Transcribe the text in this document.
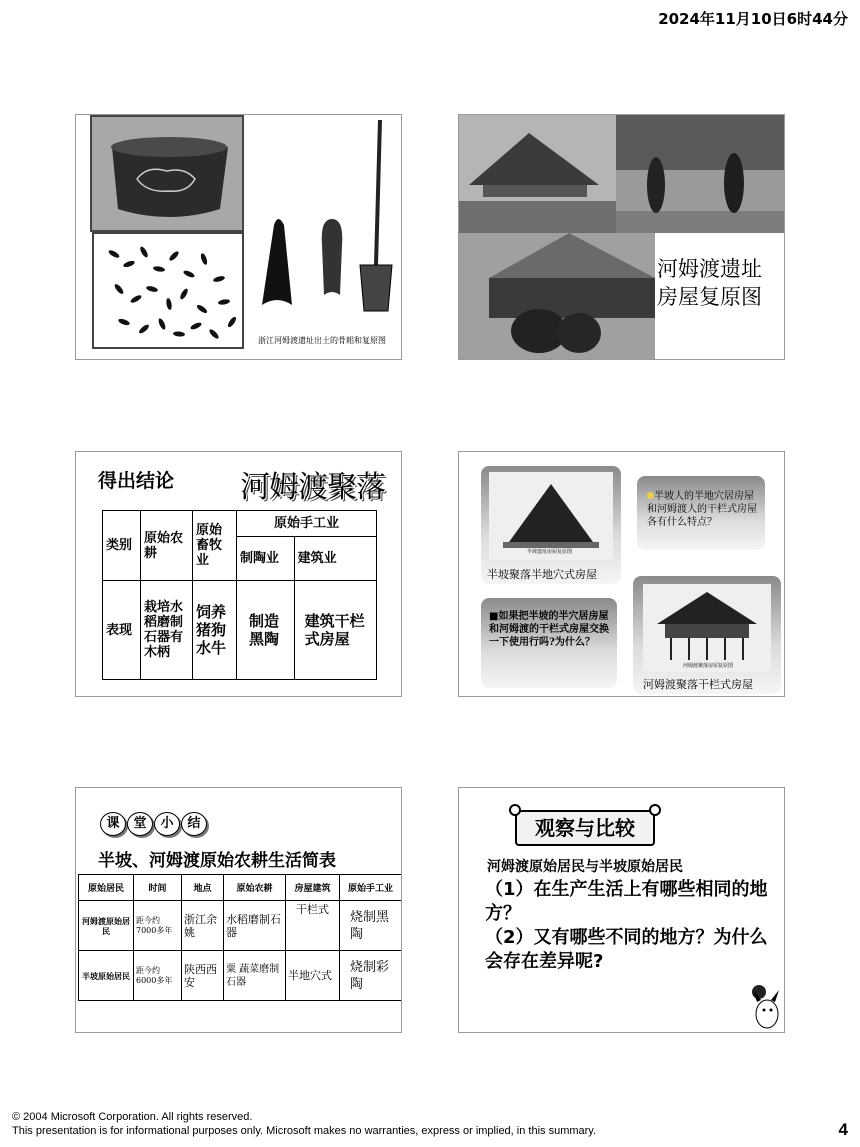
2024年11月10日6时44分
浙江河姆渡遗址出土的骨耜和复原图
河姆渡遗址
房屋复原图
得出结论 河姆渡聚落
类别	原始农耕	原始畜牧业	原始手工业	
			制陶业	建筑业
表现	栽培水稻磨制石器有木柄	饲养猪狗水牛	制造黑陶	建筑干栏式房屋
半坡遗址房屋复原图
半坡聚落半地穴式房屋
半坡人的半地穴居房屋和河姆渡人的干栏式房屋各有什么特点？
■如果把半坡的半穴居房屋和河姆渡的干栏式房屋交换一下使用行吗?为什么？
河姆渡聚落房屋复原图
河姆渡聚落干栏式房屋
课	堂	小	结
半坡、河姆渡原始农耕生活简表
原始居民	时间	地点	原始农耕	房屋建筑	原始手工业
河姆渡原始居民	距今约7000多年	浙江余姚	水稻磨制石器	干栏式	烧制黑陶
半坡原始居民	距今约6000多年	陕西西安	粟 蔬菜磨制石器	半地穴式	烧制彩陶
观察与比较
河姆渡原始居民与半坡原始居民
（1）在生产生活上有哪些相同的地方？
（2）又有哪些不同的地方？为什么会存在差异呢?
© 2004 Microsoft Corporation. All rights reserved.
This presentation is for informational purposes only. Microsoft makes no warranties, express or implied, in this summary.	4
